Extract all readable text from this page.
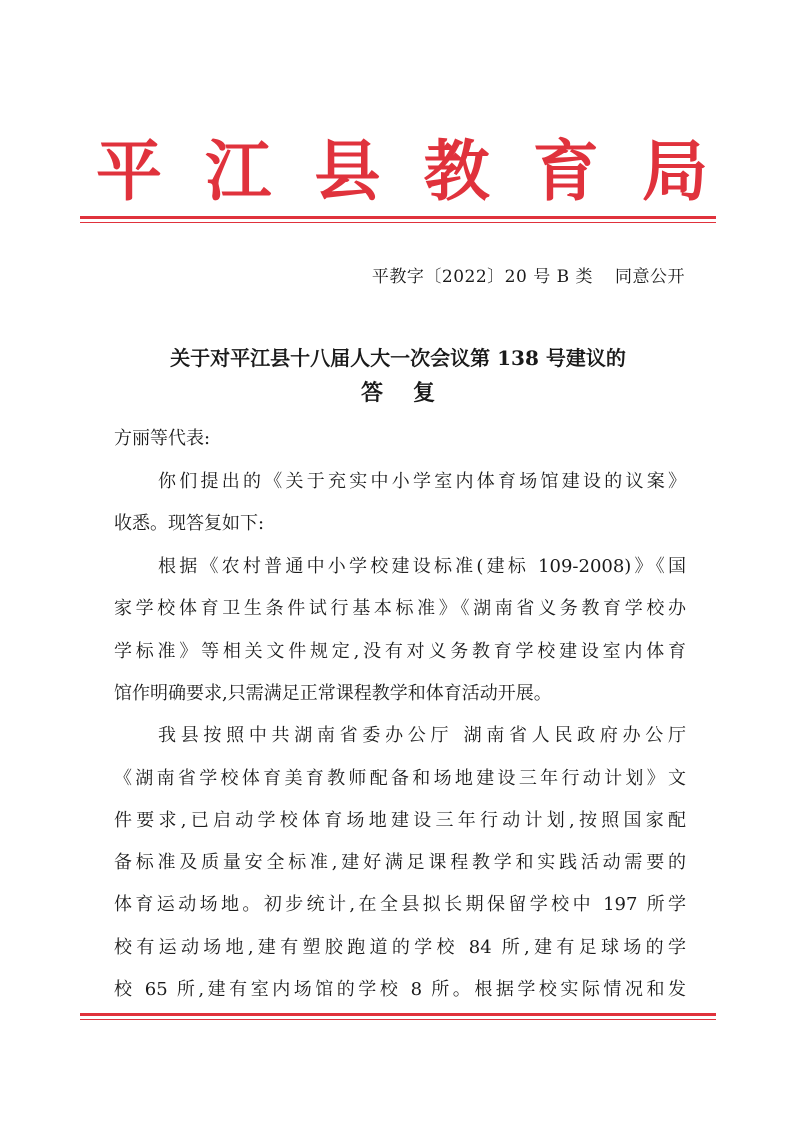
平 江 县 教 育 局
平教字〔2022〕20 号 B 类 同意公开
关于对平江县十八届人大一次会议第 138 号建议的
答复
方丽等代表:
你们提出的《关于充实中小学室内体育场馆建设的议案》
收悉。现答复如下:
根据《农村普通中小学校建设标准(建标 109-2008)》《国
家学校体育卫生条件试行基本标准》《湖南省义务教育学校办
学标准》等相关文件规定,没有对义务教育学校建设室内体育
馆作明确要求,只需满足正常课程教学和体育活动开展。
我县按照中共湖南省委办公厅 湖南省人民政府办公厅
《湖南省学校体育美育教师配备和场地建设三年行动计划》文
件要求,已启动学校体育场地建设三年行动计划,按照国家配
备标准及质量安全标准,建好满足课程教学和实践活动需要的
体育运动场地。初步统计,在全县拟长期保留学校中 197 所学
校有运动场地,建有塑胶跑道的学校 84 所,建有足球场的学
校 65 所,建有室内场馆的学校 8 所。根据学校实际情况和发
